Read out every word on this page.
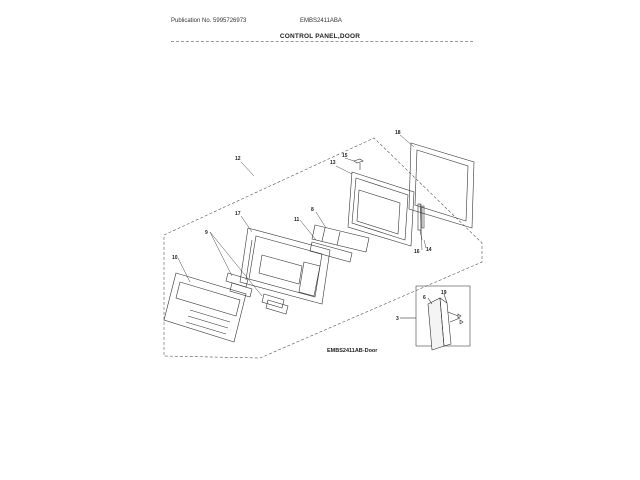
Publication No. 5995726973	EMBS2411ABA
CONTROL PANEL,DOOR
12	15
13
18
17
11
8
9
10
16 14
3
6
19
EMBS2411AB-Door
